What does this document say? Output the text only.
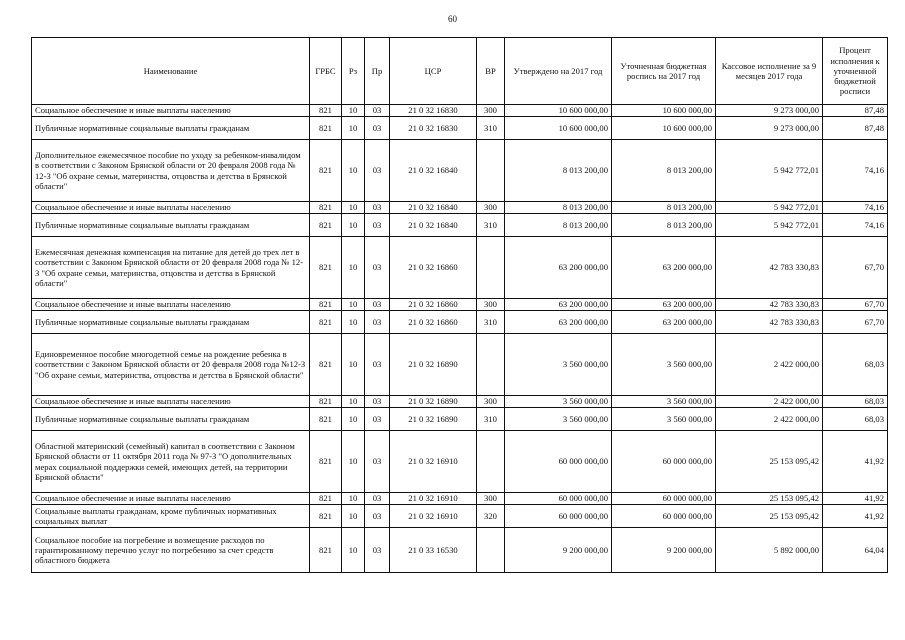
60
Наименование	ГРБС	Рз	Пр	ЦСР	ВР	Утверждено на 2017 год	Уточненная бюджетная роспись на 2017 год	Кассовое исполнение за 9 месяцев 2017 года	Процент исполнения к уточненной бюджетной росписи
Социальное обеспечение и иные выплаты населению	821	10	03	21 0 32 16830	300	10 600 000,00	10 600 000,00	9 273 000,00	87,48
Публичные нормативные социальные выплаты гражданам	821	10	03	21 0 32 16830	310	10 600 000,00	10 600 000,00	9 273 000,00	87,48
Дополнительное ежемесячное пособие по уходу за ребенком-инвалидом в соответствии с Законом Брянской области от 20 февраля 2008 года № 12-З "Об охране семьи, материнства, отцовства и детства в Брянской области"	821	10	03	21 0 32 16840		8 013 200,00	8 013 200,00	5 942 772,01	74,16
Социальное обеспечение и иные выплаты населению	821	10	03	21 0 32 16840	300	8 013 200,00	8 013 200,00	5 942 772,01	74,16
Публичные нормативные социальные выплаты гражданам	821	10	03	21 0 32 16840	310	8 013 200,00	8 013 200,00	5 942 772,01	74,16
Ежемесячная денежная компенсация на питание для детей до трех лет в соответствии с Законом Брянской области от 20 февраля 2008 года № 12-З "Об охране семьи, материнства, отцовства и детства в Брянской области"	821	10	03	21 0 32 16860		63 200 000,00	63 200 000,00	42 783 330,83	67,70
Социальное обеспечение и иные выплаты населению	821	10	03	21 0 32 16860	300	63 200 000,00	63 200 000,00	42 783 330,83	67,70
Публичные нормативные социальные выплаты гражданам	821	10	03	21 0 32 16860	310	63 200 000,00	63 200 000,00	42 783 330,83	67,70
Единовременное пособие многодетной семье на рождение ребенка в соответствии с Законом Брянской области от 20 февраля 2008 года №12-З "Об охране семьи, материнства, отцовства и детства в Брянской области"	821	10	03	21 0 32 16890		3 560 000,00	3 560 000,00	2 422 000,00	68,03
Социальное обеспечение и иные выплаты населению	821	10	03	21 0 32 16890	300	3 560 000,00	3 560 000,00	2 422 000,00	68,03
Публичные нормативные социальные выплаты гражданам	821	10	03	21 0 32 16890	310	3 560 000,00	3 560 000,00	2 422 000,00	68,03
Областной материнский (семейный) капитал в соответствии с Законом Брянской области от 11 октября 2011 года № 97-З "О дополнительных мерах социальной поддержки семей, имеющих детей, на территории Брянской области"	821	10	03	21 0 32 16910		60 000 000,00	60 000 000,00	25 153 095,42	41,92
Социальное обеспечение и иные выплаты населению	821	10	03	21 0 32 16910	300	60 000 000,00	60 000 000,00	25 153 095,42	41,92
Социальные выплаты гражданам, кроме публичных нормативных социальных выплат	821	10	03	21 0 32 16910	320	60 000 000,00	60 000 000,00	25 153 095,42	41,92
Социальное пособие на погребение и возмещение расходов по гарантированному перечню услуг по погребению за счет средств областного бюджета	821	10	03	21 0 33 16530		9 200 000,00	9 200 000,00	5 892 000,00	64,04
